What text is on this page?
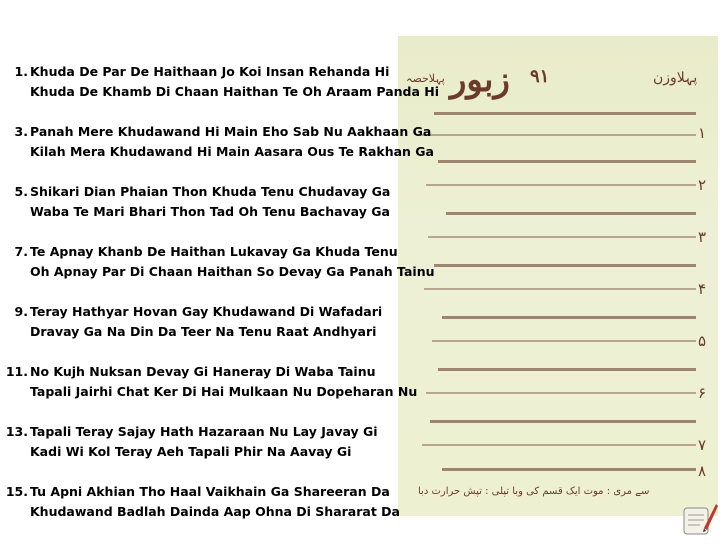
زبور ۹۱	پہلاوزن
پہلاحصہ
۱
۲
۳
۴
۵
۶
۷
۸
سے مری : موت ایک قسم کی وبا تپلی : تپش حرارت دبا
1. Khuda De Par De Haithaan Jo Koi Insan Rehanda Hi
Khuda De Khamb Di Chaan Haithan Te Oh Araam Panda Hi
3. Panah Mere Khudawand Hi Main Eho Sab Nu Aakhaan Ga
Kilah Mera Khudawand Hi Main Aasara Ous Te Rakhan Ga
5. Shikari Dian Phaian Thon Khuda Tenu Chudavay Ga
Waba Te Mari Bhari Thon Tad Oh Tenu Bachavay Ga
7. Te Apnay Khanb De Haithan Lukavay Ga Khuda Tenu
Oh Apnay Par Di Chaan Haithan So Devay Ga Panah Tainu
9. Teray Hathyar Hovan Gay Khudawand Di Wafadari
Dravay Ga Na Din Da Teer Na Tenu Raat Andhyari
11. No Kujh Nuksan Devay Gi Haneray Di Waba Tainu
Tapali Jairhi Chat Ker Di Hai Mulkaan Nu Dopeharan Nu
13. Tapali Teray Sajay Hath Hazaraan Nu Lay Javay Gi
Kadi Wi Kol Teray Aeh Tapali Phir Na Aavay Gi
15. Tu Apni Akhian Tho Haal Vaikhain Ga Shareeran Da
Khudawand Badlah Dainda Aap Ohna Di Shararat Da
